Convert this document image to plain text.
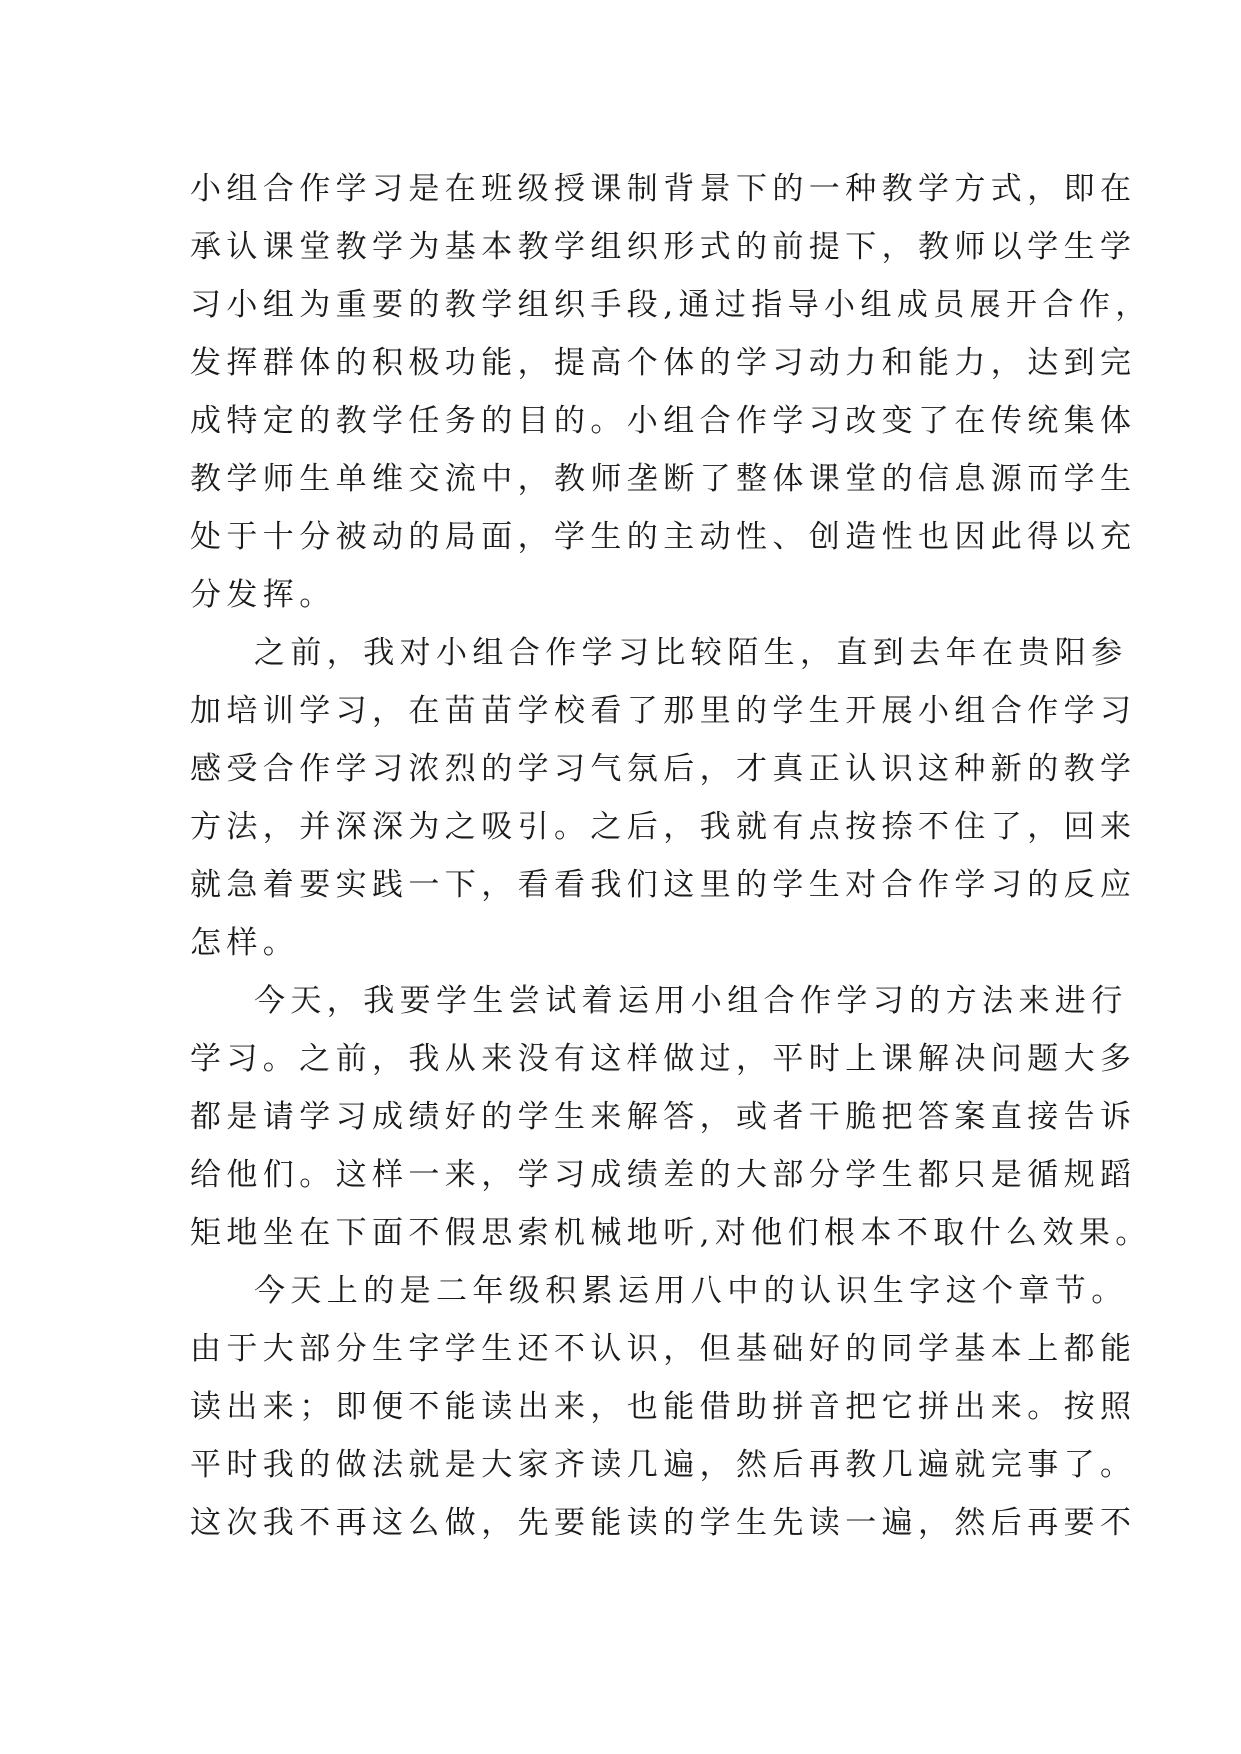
小组合作学习是在班级授课制背景下的一种教学方式，即在
承认课堂教学为基本教学组织形式的前提下，教师以学生学
习小组为重要的教学组织手段,通过指导小组成员展开合作，
发挥群体的积极功能，提高个体的学习动力和能力，达到完
成特定的教学任务的目的。小组合作学习改变了在传统集体
教学师生单维交流中，教师垄断了整体课堂的信息源而学生
处于十分被动的局面，学生的主动性、创造性也因此得以充
分发挥。
之前，我对小组合作学习比较陌生，直到去年在贵阳参
加培训学习，在苗苗学校看了那里的学生开展小组合作学习
感受合作学习浓烈的学习气氛后，才真正认识这种新的教学
方法，并深深为之吸引。之后，我就有点按捺不住了，回来
就急着要实践一下，看看我们这里的学生对合作学习的反应
怎样。
今天，我要学生尝试着运用小组合作学习的方法来进行
学习。之前，我从来没有这样做过，平时上课解决问题大多
都是请学习成绩好的学生来解答，或者干脆把答案直接告诉
给他们。这样一来，学习成绩差的大部分学生都只是循规蹈
矩地坐在下面不假思索机械地听,对他们根本不取什么效果。
今天上的是二年级积累运用八中的认识生字这个章节。
由于大部分生字学生还不认识，但基础好的同学基本上都能
读出来；即便不能读出来，也能借助拼音把它拼出来。按照
平时我的做法就是大家齐读几遍，然后再教几遍就完事了。
这次我不再这么做，先要能读的学生先读一遍，然后再要不
